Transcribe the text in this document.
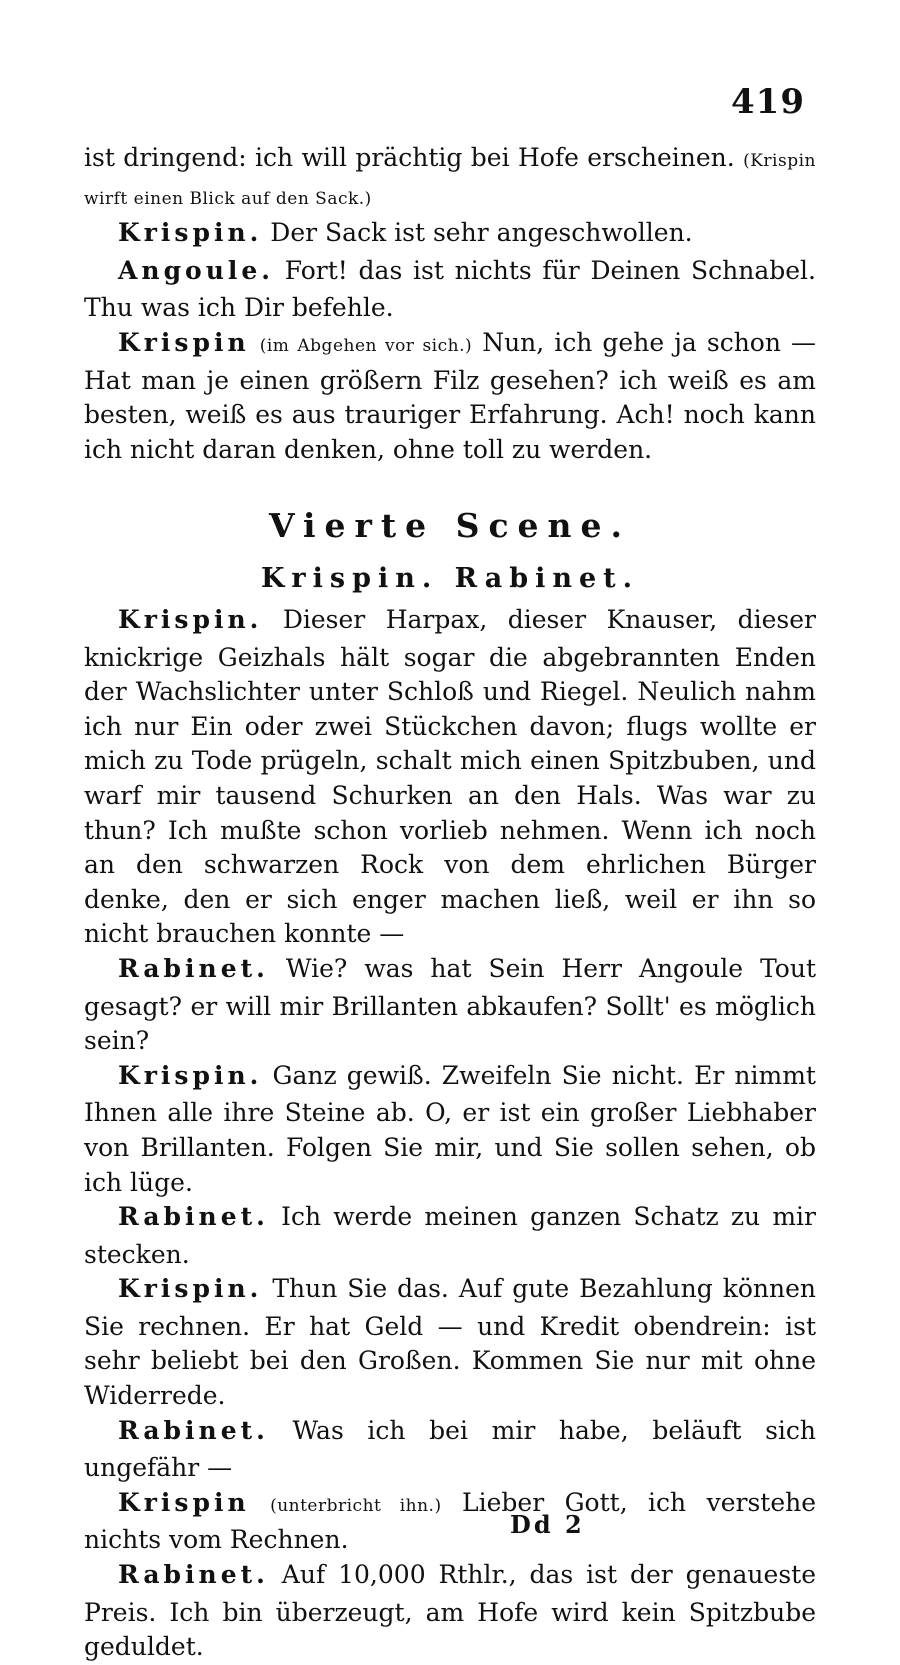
419

ist dringend: ich will prächtig bei Hofe erscheinen. (Krispin wirft einen Blick auf den Sack.)

Krispin. Der Sack ist sehr angeschwollen.

Angoule. Fort! das ist nichts für Deinen Schnabel. Thu was ich Dir befehle.

Krispin (im Abgehen vor sich.) Nun, ich gehe ja schon — Hat man je einen größern Filz gesehen? ich weiß es am besten, weiß es aus trauriger Erfahrung. Ach! noch kann ich nicht daran denken, ohne toll zu werden.

Vierte Scene.
Krispin. Rabinet.

Krispin. Dieser Harpax, dieser Knauser, dieser knickrige Geizhals hält sogar die abgebrannten Enden der Wachslichter unter Schloß und Riegel. Neulich nahm ich nur Ein oder zwei Stückchen davon; flugs wollte er mich zu Tode prügeln, schalt mich einen Spitzbuben, und warf mir tausend Schurken an den Hals. Was war zu thun? Ich mußte schon vorlieb nehmen. Wenn ich noch an den schwarzen Rock von dem ehrlichen Bürger denke, den er sich enger machen ließ, weil er ihn so nicht brauchen konnte —

Rabinet. Wie? was hat Sein Herr Angoule Tout gesagt? er will mir Brillanten abkaufen? Sollt' es möglich sein?

Krispin. Ganz gewiß. Zweifeln Sie nicht. Er nimmt Ihnen alle ihre Steine ab. O, er ist ein großer Liebhaber von Brillanten. Folgen Sie mir, und Sie sollen sehen, ob ich lüge.

Rabinet. Ich werde meinen ganzen Schatz zu mir stecken.

Krispin. Thun Sie das. Auf gute Bezahlung können Sie rechnen. Er hat Geld — und Kredit obendrein: ist sehr beliebt bei den Großen. Kommen Sie nur mit ohne Widerrede.

Rabinet. Was ich bei mir habe, beläuft sich ungefähr —

Krispin (unterbricht ihn.) Lieber Gott, ich verstehe nichts vom Rechnen.

Rabinet. Auf 10,000 Rthlr., das ist der genaueste Preis. Ich bin überzeugt, am Hofe wird kein Spitzbube geduldet.

Dd 2
